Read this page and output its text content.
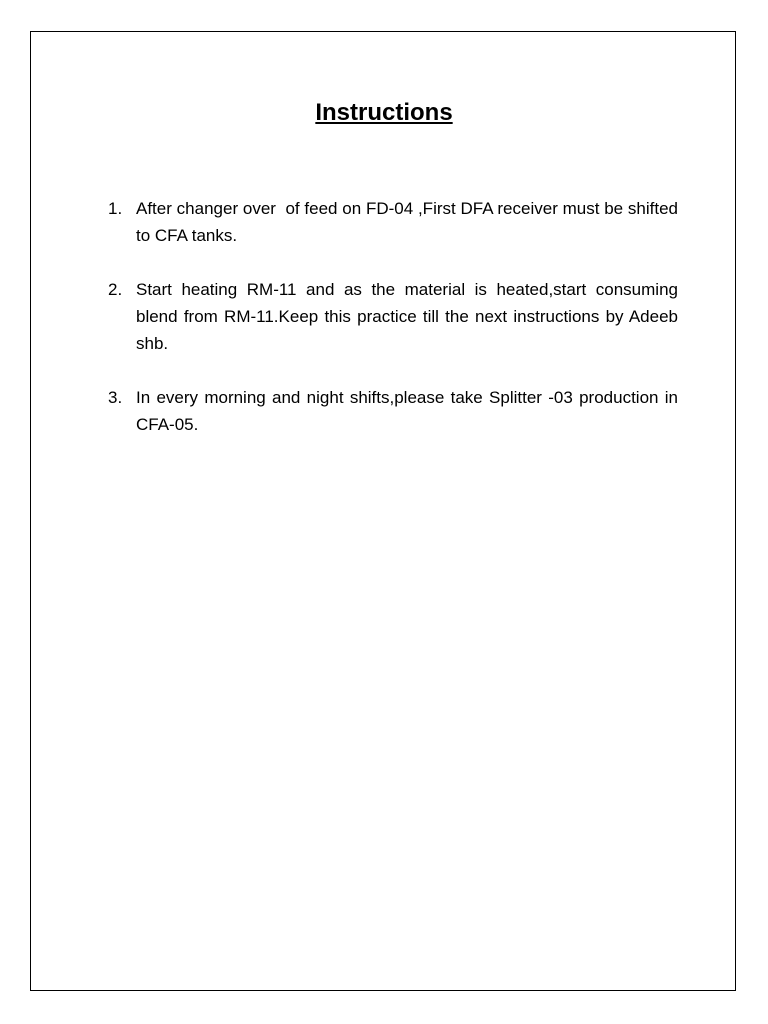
Instructions
1. After changer over  of feed on FD-04 ,First DFA receiver must be shifted to CFA tanks.
2. Start heating RM-11 and as the material is heated,start consuming blend from RM-11.Keep this practice till the next instructions by Adeeb shb.
3. In every morning and night shifts,please take Splitter -03 production in CFA-05.
